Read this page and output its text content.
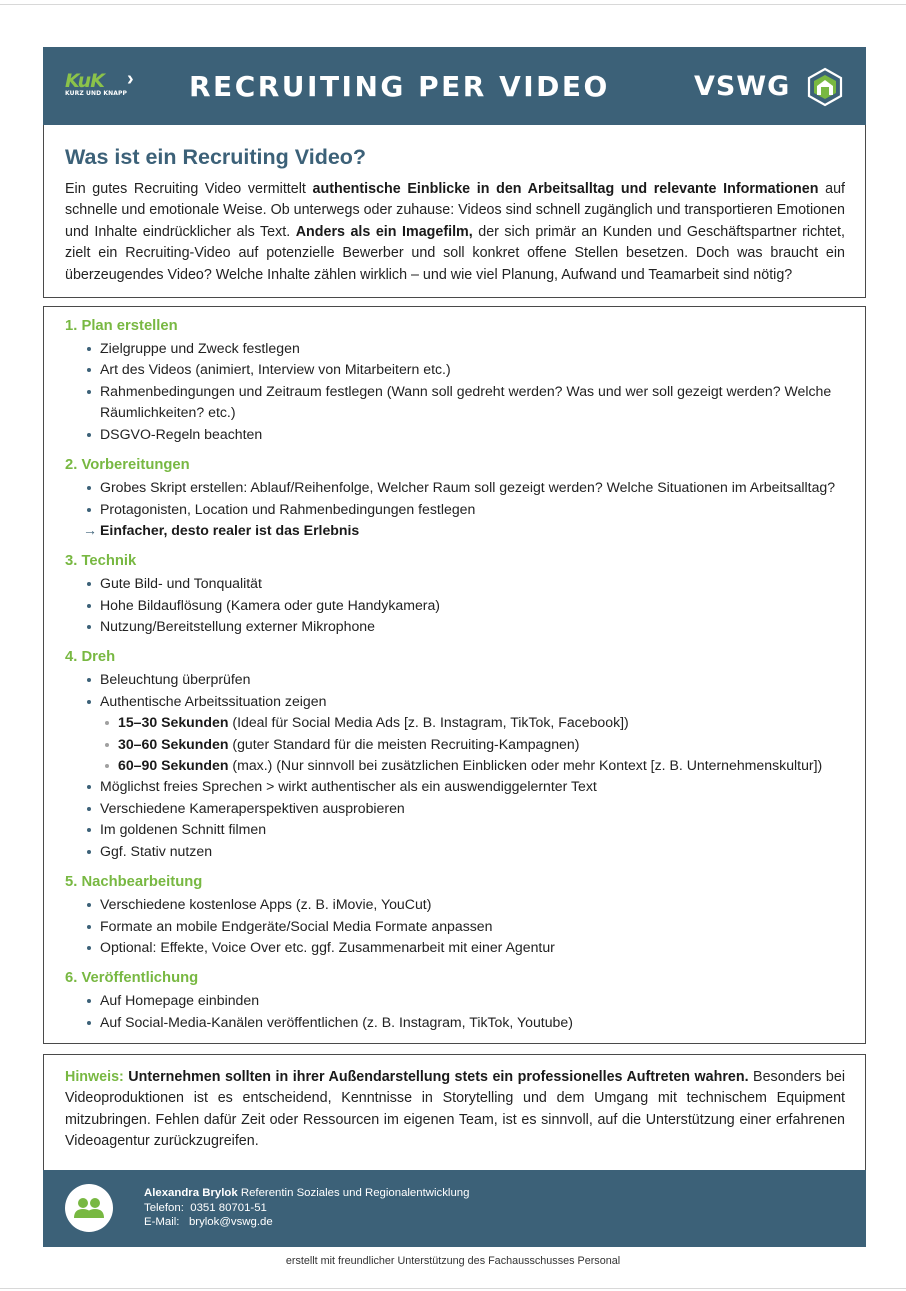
KuK
KURZ UND KNAPP
› RECRUITING PER VIDEO	VSWG
Was ist ein Recruiting Video?
Ein gutes Recruiting Video vermittelt authentische Einblicke in den Arbeitsalltag und relevante Informationen auf schnelle und emotionale Weise. Ob unterwegs oder zuhause: Videos sind schnell zugänglich und transportieren Emotionen und Inhalte eindrücklicher als Text. Anders als ein Imagefilm, der sich primär an Kunden und Geschäftspartner richtet, zielt ein Recruiting-Video auf potenzielle Bewerber und soll konkret offene Stellen besetzen. Doch was braucht ein überzeugendes Video? Welche Inhalte zählen wirklich – und wie viel Planung, Aufwand und Teamarbeit sind nötig?
1. Plan erstellen
Zielgruppe und Zweck festlegen
Art des Videos (animiert, Interview von Mitarbeitern etc.)
Rahmenbedingungen und Zeitraum festlegen (Wann soll gedreht werden? Was und wer soll gezeigt werden? Welche Räumlichkeiten? etc.)
DSGVO-Regeln beachten
2. Vorbereitungen
Grobes Skript erstellen: Ablauf/Reihenfolge, Welcher Raum soll gezeigt werden? Welche Situationen im Arbeitsalltag?
Protagonisten, Location und Rahmenbedingungen festlegen
→ Einfacher, desto realer ist das Erlebnis
3. Technik
Gute Bild- und Tonqualität
Hohe Bildauflösung (Kamera oder gute Handykamera)
Nutzung/Bereitstellung externer Mikrophone
4. Dreh
Beleuchtung überprüfen
Authentische Arbeitssituation zeigen
15–30 Sekunden (Ideal für Social Media Ads [z. B. Instagram, TikTok, Facebook])
30–60 Sekunden (guter Standard für die meisten Recruiting-Kampagnen)
60–90 Sekunden (max.) (Nur sinnvoll bei zusätzlichen Einblicken oder mehr Kontext [z. B. Unternehmenskultur])
Möglichst freies Sprechen > wirkt authentischer als ein auswendiggelernter Text
Verschiedene Kameraperspektiven ausprobieren
Im goldenen Schnitt filmen
Ggf. Stativ nutzen
5. Nachbearbeitung
Verschiedene kostenlose Apps (z. B. iMovie, YouCut)
Formate an mobile Endgeräte/Social Media Formate anpassen
Optional: Effekte, Voice Over etc. ggf. Zusammenarbeit mit einer Agentur
6. Veröffentlichung
Auf Homepage einbinden
Auf Social-Media-Kanälen veröffentlichen (z. B. Instagram, TikTok, Youtube)
Hinweis: Unternehmen sollten in ihrer Außendarstellung stets ein professionelles Auftreten wahren. Besonders bei Videoproduktionen ist es entscheidend, Kenntnisse in Storytelling und dem Umgang mit technischem Equipment mitzubringen. Fehlen dafür Zeit oder Ressourcen im eigenen Team, ist es sinnvoll, auf die Unterstützung einer erfahrenen Videoagentur zurückzugreifen.
Alexandra Brylok Referentin Soziales und Regionalentwicklung
Telefon: 0351 80701-51
E-Mail: brylok@vswg.de
erstellt mit freundlicher Unterstützung des Fachausschusses Personal
